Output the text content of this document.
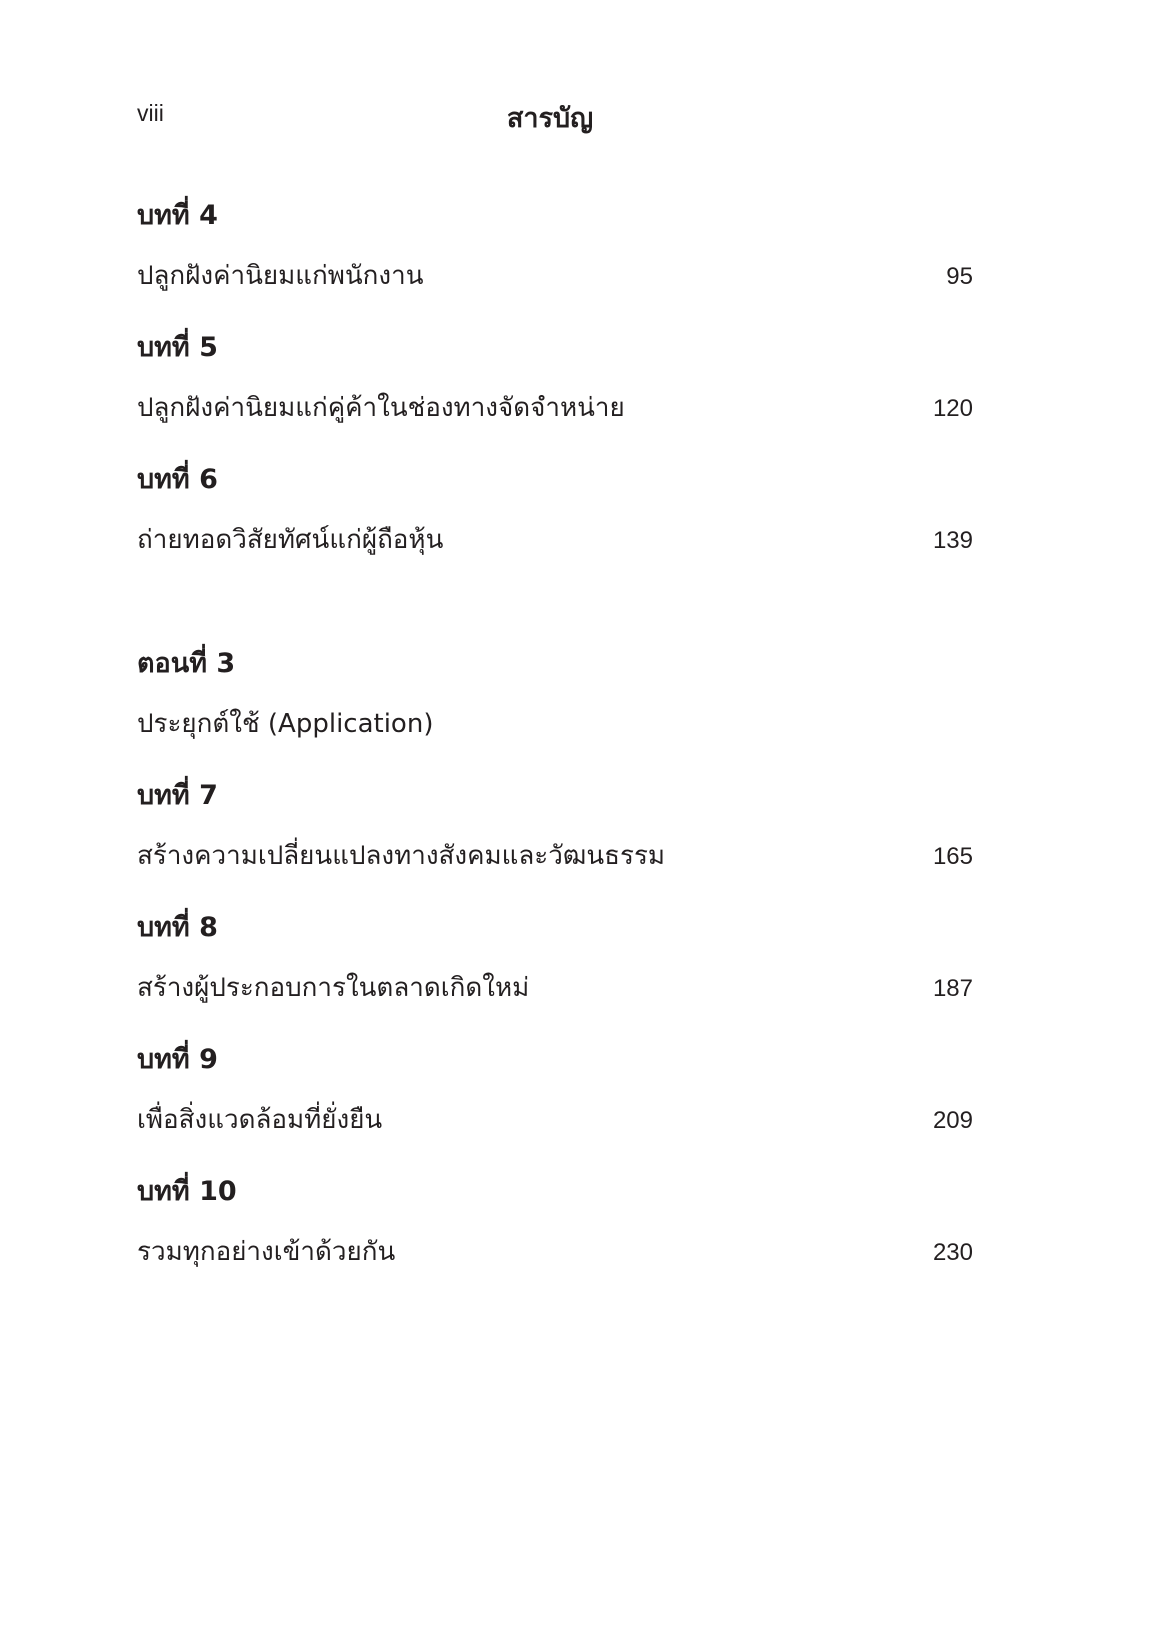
viii	สารบัญ
บทที่ 4
ปลูกฝังค่านิยมแก่พนักงาน	95
บทที่ 5
ปลูกฝังค่านิยมแก่คู่ค้าในช่องทางจัดจำหน่าย	120
บทที่ 6
ถ่ายทอดวิสัยทัศน์แก่ผู้ถือหุ้น	139
ตอนที่ 3
ประยุกต์ใช้ (Application)
บทที่ 7
สร้างความเปลี่ยนแปลงทางสังคมและวัฒนธรรม	165
บทที่ 8
สร้างผู้ประกอบการในตลาดเกิดใหม่	187
บทที่ 9
เพื่อสิ่งแวดล้อมที่ยั่งยืน	209
บทที่ 10
รวมทุกอย่างเข้าด้วยกัน	230
